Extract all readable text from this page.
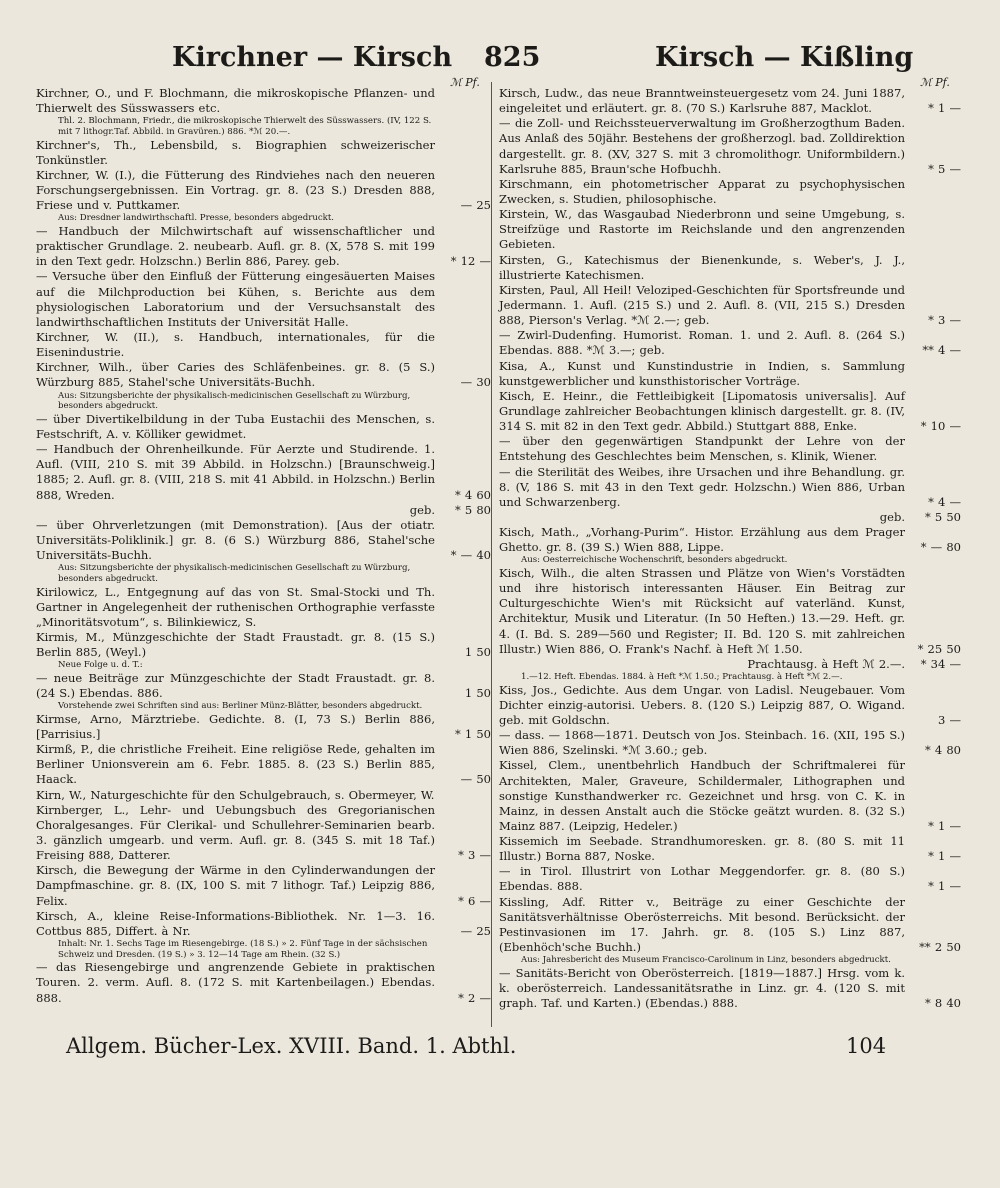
Kirchner — Kirsch 825	Kirsch — Kißling
ℳ Pf.	ℳ Pf.
Kirchner, O., und F. Blochmann, die mikroskopische Pflanzen- und Thierwelt des Süsswassers etc.
Thl. 2. Blochmann, Friedr., die mikroskopische Thierwelt des Süsswassers. (IV, 122 S. mit 7 lithogr.Taf. Abbild. in Gravüren.) 886. *ℳ 20.—.
Kirchner's, Th., Lebensbild, s. Biographien schweizerischer Tonkünstler.
Kirchner, W. (I.), die Fütterung des Rindviehes nach den neueren Forschungsergebnissen. Ein Vortrag. gr. 8. (23 S.) Dresden 888, Friese und v. Puttkamer.	— 25
Aus: Dresdner landwirthschaftl. Presse, besonders abgedruckt.
— Handbuch der Milchwirtschaft auf wissenschaftlicher und praktischer Grundlage. 2. neubearb. Aufl. gr. 8. (X, 578 S. mit 199 in den Text gedr. Holzschn.) Berlin 886, Parey. geb.	* 12 —
— Versuche über den Einfluß der Fütterung eingesäuerten Maises auf die Milchproduction bei Kühen, s. Berichte aus dem physiologischen Laboratorium und der Versuchsanstalt des landwirthschaftlichen Instituts der Universität Halle.
Kirchner, W. (II.), s. Handbuch, internationales, für die Eisenindustrie.
Kirchner, Wilh., über Caries des Schläfenbeines. gr. 8. (5 S.) Würzburg 885, Stahel'sche Universitäts-Buchh.	— 30
Aus: Sitzungsberichte der physikalisch-medicinischen Gesellschaft zu Würzburg, besonders abgedruckt.
— über Divertikelbildung in der Tuba Eustachii des Menschen, s. Festschrift, A. v. Kölliker gewidmet.
— Handbuch der Ohrenheilkunde. Für Aerzte und Studirende. 1. Aufl. (VIII, 210 S. mit 39 Abbild. in Holzschn.) [Braunschweig.] 1885; 2. Aufl. gr. 8. (VIII, 218 S. mit 41 Abbild. in Holzschn.) Berlin 888, Wreden.	* 4 60
geb. * 5 80
— über Ohrverletzungen (mit Demonstration). [Aus der otiatr. Universitäts-Poliklinik.] gr. 8. (6 S.) Würzburg 886, Stahel'sche Universitäts-Buchh.	* — 40
Aus: Sitzungsberichte der physikalisch-medicinischen Gesellschaft zu Würzburg, besonders abgedruckt.
Kirilowicz, L., Entgegnung auf das von St. Smal-Stocki und Th. Gartner in Angelegenheit der ruthenischen Orthographie verfasste „Minoritätsvotum“, s. Bilinkiewicz, S.
Kirmis, M., Münzgeschichte der Stadt Fraustadt. gr. 8. (15 S.) Berlin 885, (Weyl.)	1 50
Neue Folge u. d. T.:
— neue Beiträge zur Münzgeschichte der Stadt Fraustadt. gr. 8. (24 S.) Ebendas. 886.	1 50
Vorstehende zwei Schriften sind aus: Berliner Münz-Blätter, besonders abgedruckt.
Kirmse, Arno, Märztriebe. Gedichte. 8. (I, 73 S.) Berlin 886, [Parrisius.]	* 1 50
Kirmß, P., die christliche Freiheit. Eine religiöse Rede, gehalten im Berliner Unionsverein am 6. Febr. 1885. 8. (23 S.) Berlin 885, Haack.	— 50
Kirn, W., Naturgeschichte für den Schulgebrauch, s. Obermeyer, W.
Kirnberger, L., Lehr- und Uebungsbuch des Gregorianischen Choralgesanges. Für Clerikal- und Schullehrer-Seminarien bearb. 3. gänzlich umgearb. und verm. Aufl. gr. 8. (345 S. mit 18 Taf.) Freising 888, Datterer.	* 3 —
Kirsch, die Bewegung der Wärme in den Cylinderwandungen der Dampfmaschine. gr. 8. (IX, 100 S. mit 7 lithogr. Taf.) Leipzig 886, Felix.	* 6 —
Kirsch, A., kleine Reise-Informations-Bibliothek. Nr. 1—3. 16. Cottbus 885, Differt. à Nr.	— 25
Inhalt: Nr. 1. Sechs Tage im Riesengebirge. (18 S.) » 2. Fünf Tage in der sächsischen Schweiz und Dresden. (19 S.) » 3. 12—14 Tage am Rhein. (32 S.)
— das Riesengebirge und angrenzende Gebiete in praktischen Touren. 2. verm. Aufl. 8. (172 S. mit Kartenbeilagen.) Ebendas. 888.	* 2 —
Kirsch, Ludw., das neue Branntweinsteuergesetz vom 24. Juni 1887, eingeleitet und erläutert. gr. 8. (70 S.) Karlsruhe 887, Macklot.	* 1 —
— die Zoll- und Reichssteuerverwaltung im Großherzogthum Baden. Aus Anlaß des 50jähr. Bestehens der großherzogl. bad. Zolldirektion dargestellt. gr. 8. (XV, 327 S. mit 3 chromolithogr. Uniformbildern.) Karlsruhe 885, Braun'sche Hofbuchh.	* 5 —
Kirschmann, ein photometrischer Apparat zu psychophysischen Zwecken, s. Studien, philosophische.
Kirstein, W., das Wasgaubad Niederbronn und seine Umgebung, s. Streifzüge und Rastorte im Reichslande und den angrenzenden Gebieten.
Kirsten, G., Katechismus der Bienenkunde, s. Weber's, J. J., illustrierte Katechismen.
Kirsten, Paul, All Heil! Veloziped-Geschichten für Sportsfreunde und Jedermann. 1. Aufl. (215 S.) und 2. Aufl. 8. (VII, 215 S.) Dresden 888, Pierson's Verlag. *ℳ 2.—; geb.	* 3 —
— Zwirl-Dudenfing. Humorist. Roman. 1. und 2. Aufl. 8. (264 S.) Ebendas. 888. *ℳ 3.—; geb.	** 4 —
Kisa, A., Kunst und Kunstindustrie in Indien, s. Sammlung kunstgewerblicher und kunsthistorischer Vorträge.
Kisch, E. Heinr., die Fettleibigkeit [Lipomatosis universalis]. Auf Grundlage zahlreicher Beobachtungen klinisch dargestellt. gr. 8. (IV, 314 S. mit 82 in den Text gedr. Abbild.) Stuttgart 888, Enke.	* 10 —
— über den gegenwärtigen Standpunkt der Lehre von der Entstehung des Geschlechtes beim Menschen, s. Klinik, Wiener.
— die Sterilität des Weibes, ihre Ursachen und ihre Behandlung. gr. 8. (V, 186 S. mit 43 in den Text gedr. Holzschn.) Wien 886, Urban und Schwarzenberg.	* 4 —
geb. * 5 50
Kisch, Math., „Vorhang-Purim“. Histor. Erzählung aus dem Prager Ghetto. gr. 8. (39 S.) Wien 888, Lippe.	* — 80
Aus: Oesterreichische Wochenschrift, besonders abgedruckt.
Kisch, Wilh., die alten Strassen und Plätze von Wien's Vorstädten und ihre historisch interessanten Häuser. Ein Beitrag zur Culturgeschichte Wien's mit Rücksicht auf vaterländ. Kunst, Architektur, Musik und Literatur. (In 50 Heften.) 13.—29. Heft. gr. 4. (I. Bd. S. 289—560 und Register; II. Bd. 120 S. mit zahlreichen Illustr.) Wien 886, O. Frank's Nachf. à Heft ℳ 1.50.	* 25 50
Prachtausg. à Heft ℳ 2.—. * 34 —
1.—12. Heft. Ebendas. 1884. à Heft *ℳ 1.50.; Prachtausg. à Heft *ℳ 2.—.
Kiss, Jos., Gedichte. Aus dem Ungar. von Ladisl. Neugebauer. Vom Dichter einzig-autorisi. Uebers. 8. (120 S.) Leipzig 887, O. Wigand. geb. mit Goldschn.	3 —
— dass. — 1868—1871. Deutsch von Jos. Steinbach. 16. (XII, 195 S.) Wien 886, Szelinski. *ℳ 3.60.; geb.	* 4 80
Kissel, Clem., unentbehrlich Handbuch der Schriftmalerei für Architekten, Maler, Graveure, Schildermaler, Lithographen und sonstige Kunsthandwerker rc. Gezeichnet und hrsg. von C. K. in Mainz, in dessen Anstalt auch die Stöcke geätzt wurden. 8. (32 S.) Mainz 887. (Leipzig, Hedeler.)	* 1 —
Kissemich im Seebade. Strandhumoresken. gr. 8. (80 S. mit 11 Illustr.) Borna 887, Noske.	* 1 —
— in Tirol. Illustrirt von Lothar Meggendorfer. gr. 8. (80 S.) Ebendas. 888.	* 1 —
Kissling, Adf. Ritter v., Beiträge zu einer Geschichte der Sanitätsverhältnisse Oberösterreichs. Mit besond. Berücksicht. der Pestinvasionen im 17. Jahrh. gr. 8. (105 S.) Linz 887, (Ebenhöch'sche Buchh.)	** 2 50
Aus: Jahresbericht des Museum Francisco-Carolinum in Linz, besonders abgedruckt.
— Sanitäts-Bericht von Oberösterreich. [1819—1887.] Hrsg. vom k. k. oberösterreich. Landessanitätsrathe in Linz. gr. 4. (120 S. mit graph. Taf. und Karten.) (Ebendas.) 888.	* 8 40
Allgem. Bücher-Lex. XVIII. Band. 1. Abthl.	104
